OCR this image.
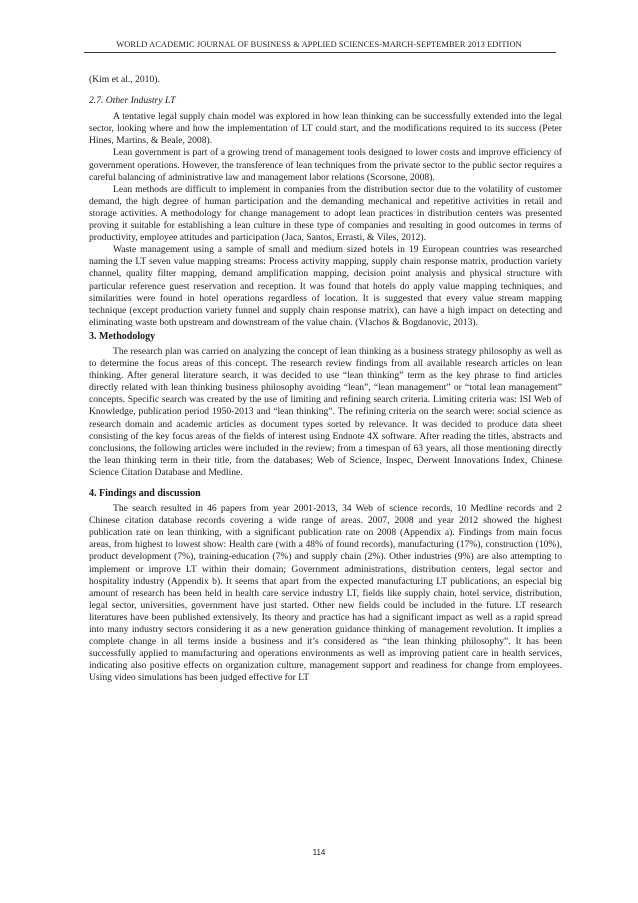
WORLD ACADEMIC JOURNAL OF BUSINESS & APPLIED SCIENCES-MARCH-SEPTEMBER 2013 EDITION

(Kim et al., 2010).

2.7. Other Industry LT

A tentative legal supply chain model was explored in how lean thinking can be successfully extended into the legal sector, looking where and how the implementation of LT could start, and the modifications required to its success (Peter Hines, Martins, & Beale, 2008).

Lean government is part of a growing trend of management tools designed to lower costs and improve efficiency of government operations. However, the transference of lean techniques from the private sector to the public sector requires a careful balancing of administrative law and management labor relations (Scorsone, 2008).

Lean methods are difficult to implement in companies from the distribution sector due to the volatility of customer demand, the high degree of human participation and the demanding mechanical and repetitive activities in retail and storage activities. A methodology for change management to adopt lean practices in distribution centers was presented proving it suitable for establishing a lean culture in these type of companies and resulting in good outcomes in terms of productivity, employee attitudes and participation (Jaca, Santos, Errasti, & Viles, 2012).

Waste management using a sample of small and medium sized hotels in 19 European countries was researched naming the LT seven value mapping streams: Process activity mapping, supply chain response matrix, production variety channel, quality filter mapping, demand amplification mapping, decision point analysis and physical structure with particular reference guest reservation and reception. It was found that hotels do apply value mapping techniques, and similarities were found in hotel operations regardless of location. It is suggested that every value stream mapping technique (except production variety funnel and supply chain response matrix), can have a high impact on detecting and eliminating waste both upstream and downstream of the value chain. (Vlachos & Bogdanovic, 2013).

3. Methodology

The research plan was carried on analyzing the concept of lean thinking as a business strategy philosophy as well as to determine the focus areas of this concept. The research review findings from all available research articles on lean thinking. After general literature search, it was decided to use “lean thinking” term as the key phrase to find articles directly related with lean thinking business philosophy avoiding “lean”, “lean management” or “total lean management” concepts. Specific search was created by the use of limiting and refining search criteria. Limiting criteria was: ISI Web of Knowledge, publication period 1950-2013 and “lean thinking”. The refining criteria on the search were: social science as research domain and academic articles as document types sorted by relevance. It was decided to produce data sheet consisting of the key focus areas of the fields of interest using Endnote 4X software. After reading the titles, abstracts and conclusions, the following articles were included in the review; from a timespan of 63 years, all those mentioning directly the lean thinking term in their title, from the databases; Web of Science, Inspec, Derwent Innovations Index, Chinese Science Citation Database and Medline.

4. Findings and discussion

The search resulted in 46 papers from year 2001-2013, 34 Web of science records, 10 Medline records and 2 Chinese citation database records covering a wide range of areas. 2007, 2008 and year 2012 showed the highest publication rate on lean thinking, with a significant publication rate on 2008 (Appendix a). Findings from main focus areas, from highest to lowest show: Health care (with a 48% of found records), manufacturing (17%), construction (10%), product development (7%), training-education (7%) and supply chain (2%). Other industries (9%) are also attempting to implement or improve LT within their domain; Government administrations, distribution centers, legal sector and hospitality industry (Appendix b). It seems that apart from the expected manufacturing LT publications, an especial big amount of research has been held in health care service industry LT, fields like supply chain, hotel service, distribution, legal sector, universities, government have just started. Other new fields could be included in the future. LT research literatures have been published extensively. Its theory and practice has had a significant impact as well as a rapid spread into many industry sectors considering it as a new generation guidance thinking of management revolution. It implies a complete change in all terms inside a business and it’s considered as “the lean thinking philosophy”. It has been successfully applied to manufacturing and operations environments as well as improving patient care in health services, indicating also positive effects on organization culture, management support and readiness for change from employees. Using video simulations has been judged effective for LT

114
